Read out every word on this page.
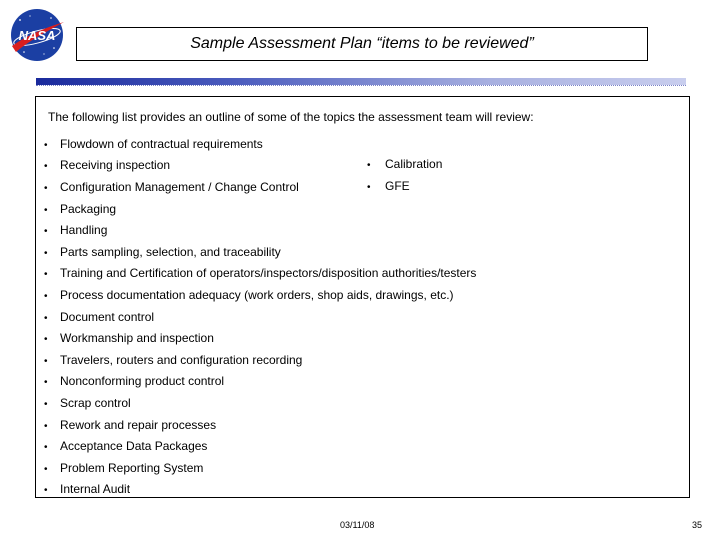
NASA	Sample Assessment Plan “items to be reviewed”
The following list provides an outline of some of the topics the assessment team will review:
• Flowdown of contractual requirements
• Receiving inspection
• Configuration Management / Change Control
• Packaging
• Handling
• Parts sampling, selection, and traceability
• Training and Certification of operators/inspectors/disposition authorities/testers
• Process documentation adequacy (work orders, shop aids, drawings, etc.)
• Document control
• Workmanship and inspection
• Travelers, routers and configuration recording
• Nonconforming product control
• Scrap control
• Rework and repair processes
• Acceptance Data Packages
• Problem Reporting System
• Internal Audit
• Calibration
• GFE
03/11/08	35
